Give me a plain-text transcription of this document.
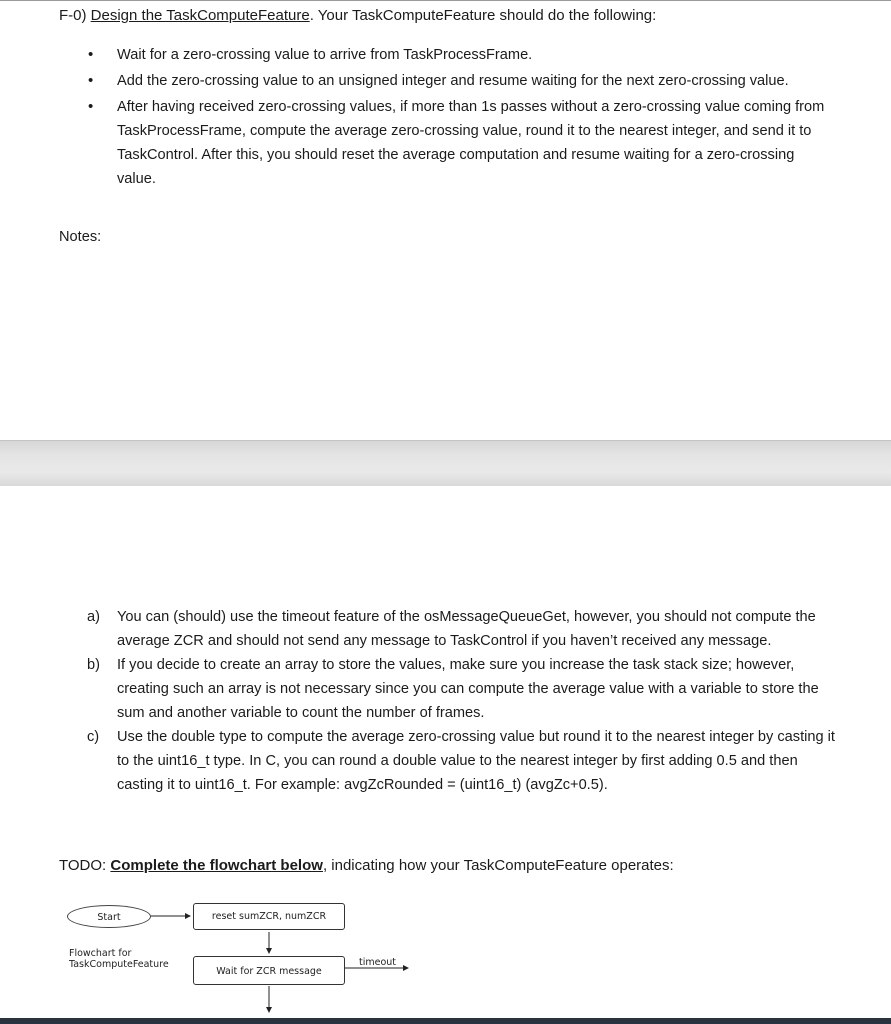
F-0) Design the TaskComputeFeature. Your TaskComputeFeature should do the following:
• Wait for a zero-crossing value to arrive from TaskProcessFrame.
• Add the zero-crossing value to an unsigned integer and resume waiting for the next zero-crossing value.
• After having received zero-crossing values, if more than 1s passes without a zero-crossing value coming from TaskProcessFrame, compute the average zero-crossing value, round it to the nearest integer, and send it to TaskControl. After this, you should reset the average computation and resume waiting for a zero-crossing value.
Notes:
a) You can (should) use the timeout feature of the osMessageQueueGet, however, you should not compute the average ZCR and should not send any message to TaskControl if you haven’t received any message.
b) If you decide to create an array to store the values, make sure you increase the task stack size; however, creating such an array is not necessary since you can compute the average value with a variable to store the sum and another variable to count the number of frames.
c) Use the double type to compute the average zero-crossing value but round it to the nearest integer by casting it to the uint16_t type. In C, you can round a double value to the nearest integer by first adding 0.5 and then casting it to uint16_t. For example: avgZcRounded = (uint16_t) (avgZc+0.5).
TODO: Complete the flowchart below, indicating how your TaskComputeFeature operates:
Start	reset sumZCR, numZCR
Wait for ZCR message
Flowchart for
TaskComputeFeature	timeout
